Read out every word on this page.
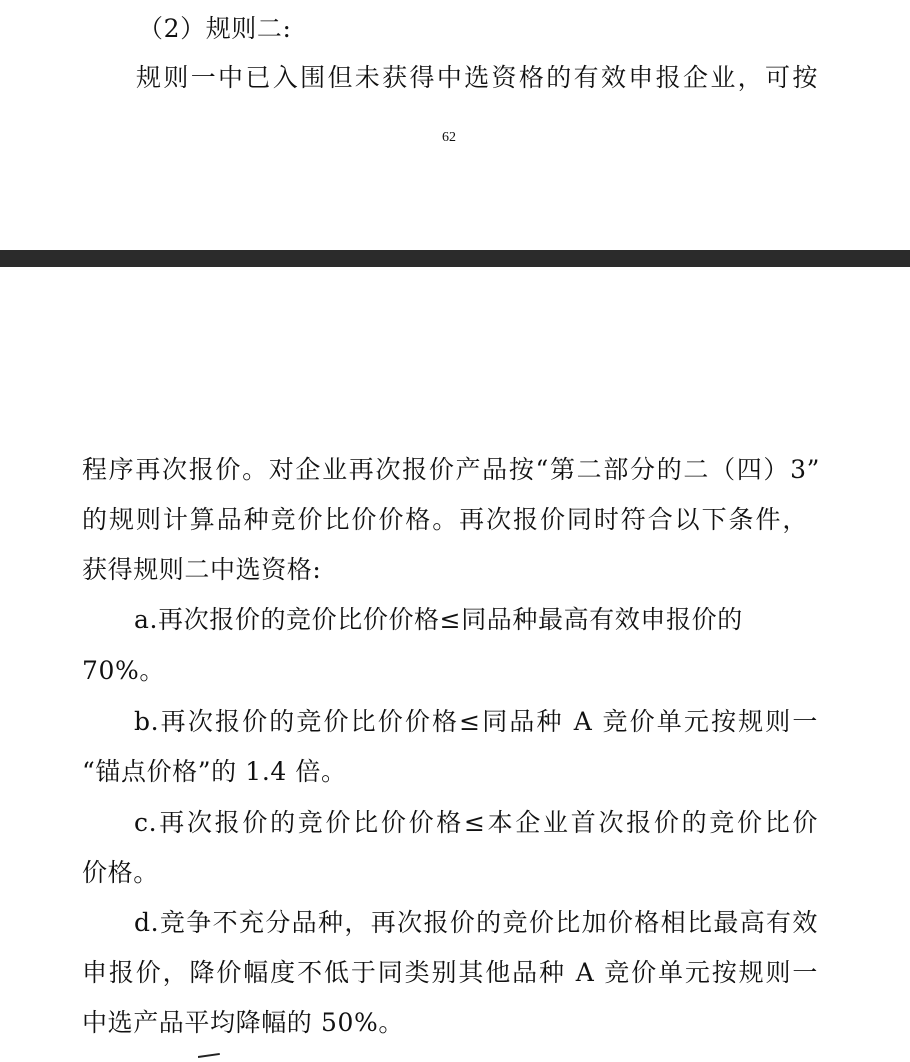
（2）规则二:
规则一中已入围但未获得中选资格的有效申报企业，可按
62
程序再次报价。对企业再次报价产品按“第二部分的二（四）3”
的规则计算品种竞价比价价格。再次报价同时符合以下条件，
获得规则二中选资格:
a.再次报价的竞价比价价格≤同品种最高有效申报价的
70%。
b.再次报价的竞价比价价格≤同品种 A 竞价单元按规则一
“锚点价格”的 1.4 倍。
c.再次报价的竞价比价价格≤本企业首次报价的竞价比价
价格。
d.竞争不充分品种，再次报价的竞价比加价格相比最高有效
申报价，降价幅度不低于同类别其他品种 A 竞价单元按规则一
中选产品平均降幅的 50%。
